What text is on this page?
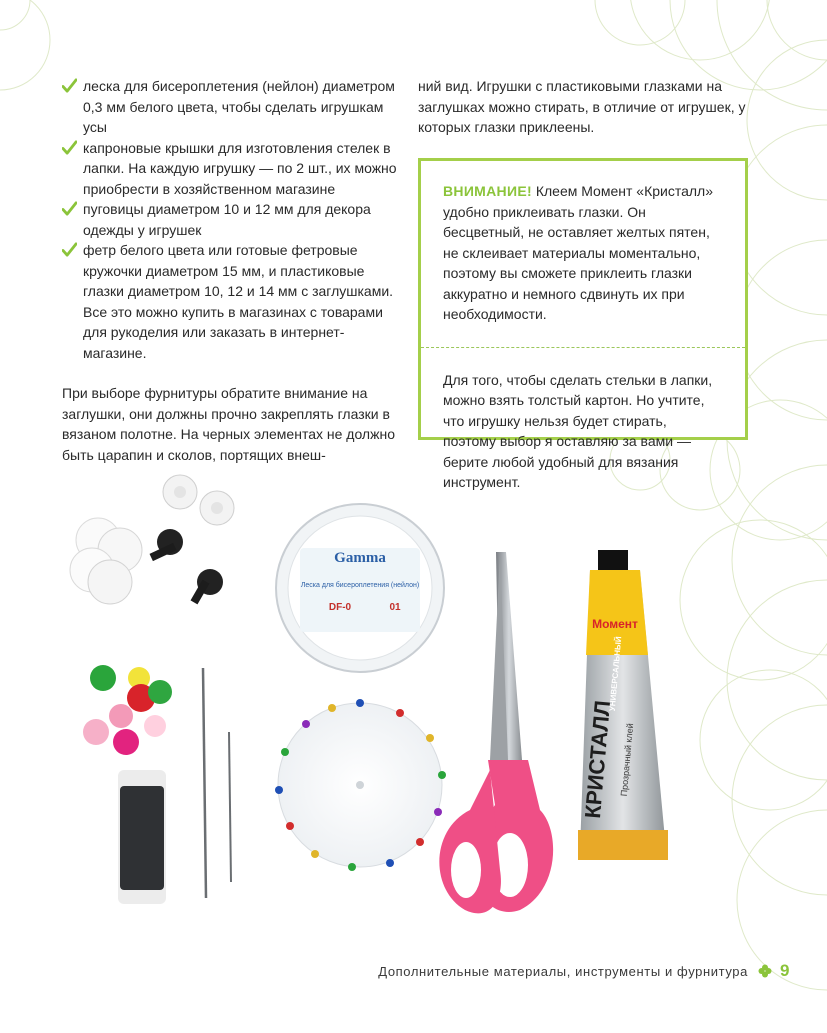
леска для бисероплетения (нейлон) диаметром 0,3 мм белого цвета, чтобы сделать игрушкам усы
капроновые крышки для изготовления стелек в лапки. На каждую игрушку — по 2 шт., их можно приобрести в хозяйственном магазине
пуговицы диаметром 10 и 12 мм для декора одежды у игрушек
фетр белого цвета или готовые фетровые кружочки диаметром 15 мм, и пластиковые глазки диаметром 10, 12 и 14 мм с заглушками. Все это можно купить в магазинах с товарами для рукоделия или заказать в интернет-магазине.

При выборе фурнитуры обратите внимание на заглушки, они должны прочно закреплять глазки в вязаном полотне. На черных элементах не должно быть царапин и сколов, портящих внеш-

ний вид. Игрушки с пластиковыми глазками на заглушках можно стирать, в отличие от игрушек, у которых глазки приклеены.

ВНИМАНИЕ! Клеем Момент «Кристалл» удобно приклеивать глазки. Он бесцветный, не оставляет желтых пятен, не склеивает материалы моментально, поэтому вы сможете приклеить глазки аккуратно и немного сдвинуть их при необходимости.

Для того, чтобы сделать стельки в лапки, можно взять толстый картон. Но учтите, что игрушку нельзя будет стирать, поэтому выбор я оставляю за вами — берите любой удобный для вязания инструмент.

Gamma
Леска для бисероплетения (нейлон)
DF-0	01
Момент
УНИВЕРСАЛЬНЫЙ
КРИСТАЛЛ Прозрачный клей
Дополнительные материалы, инструменты и фурнитура 9
